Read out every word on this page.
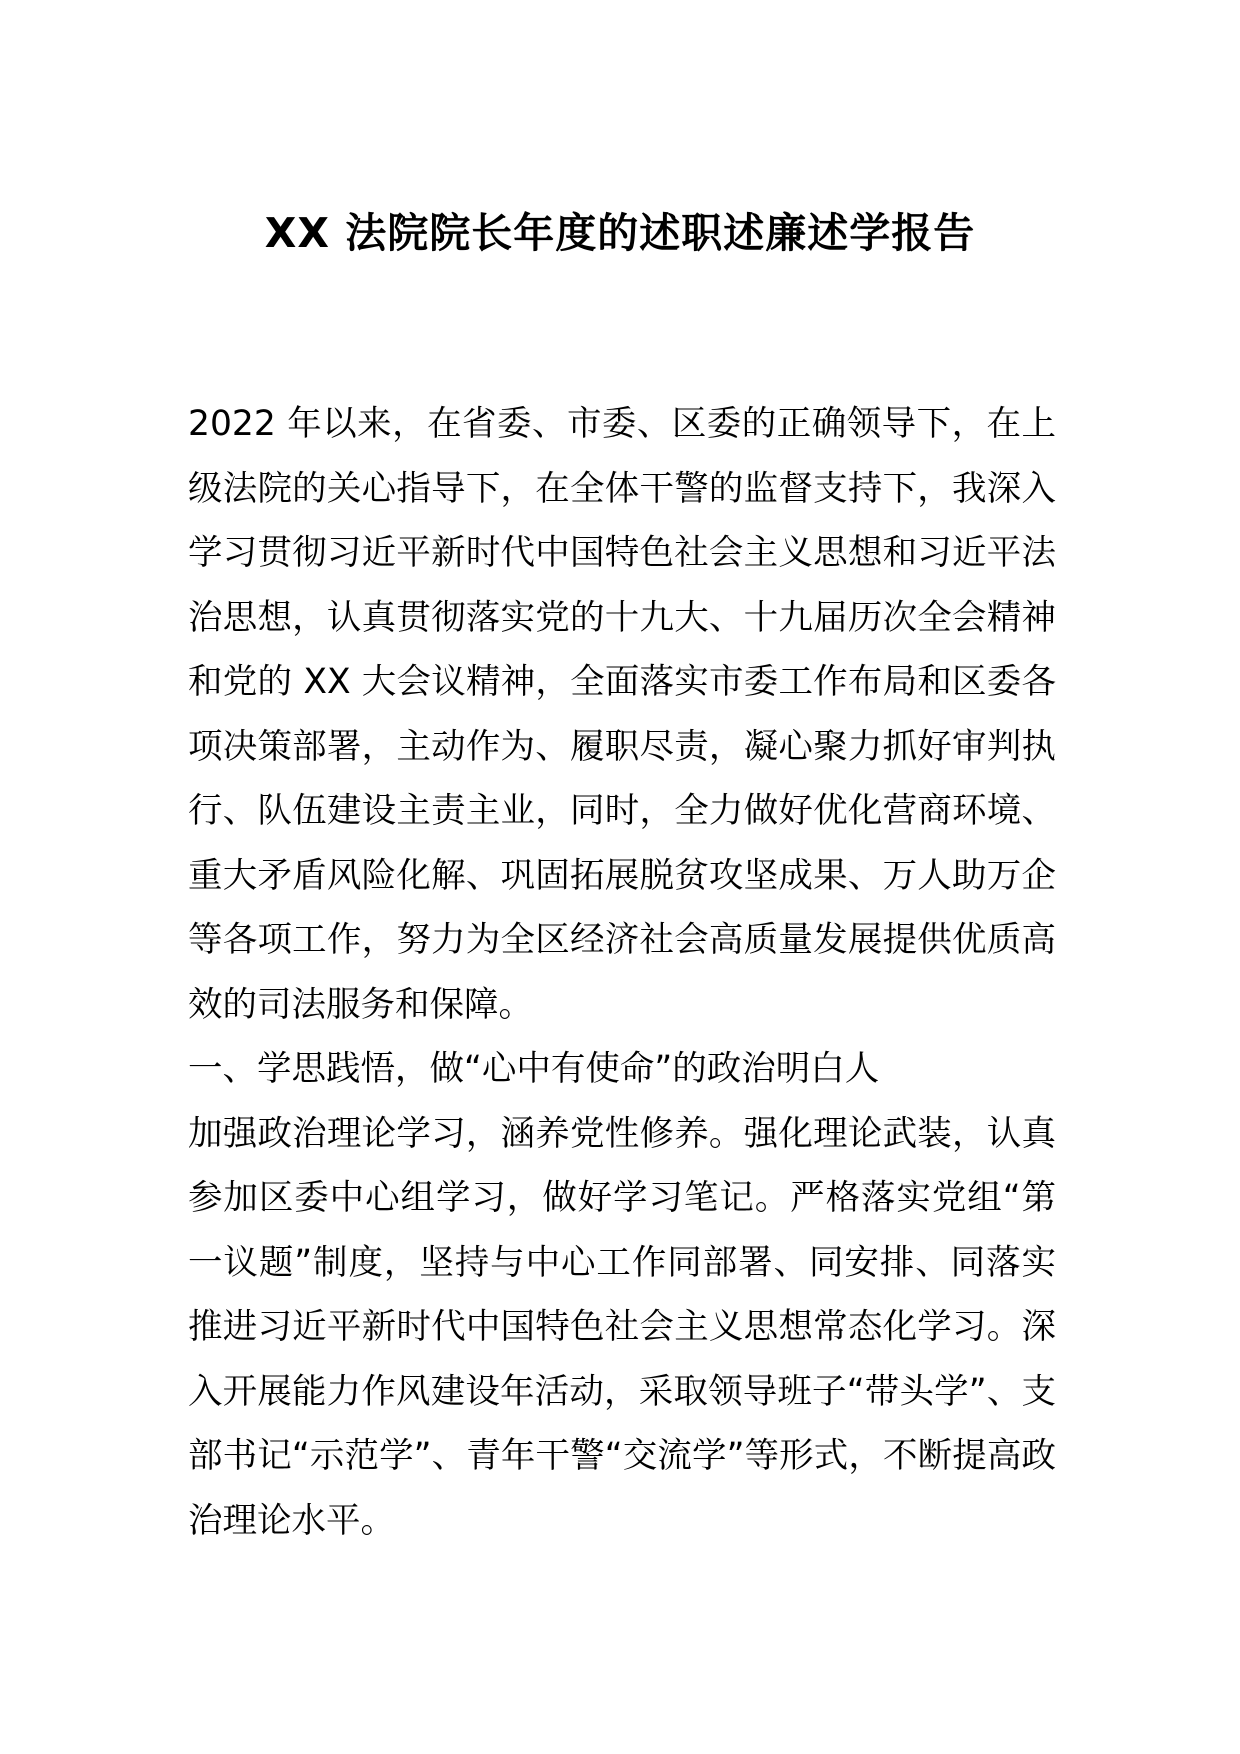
XX 法院院长年度的述职述廉述学报告

2022 年以来，在省委、市委、区委的正确领导下，在上级法院的关心指导下，在全体干警的监督支持下，我深入学习贯彻习近平新时代中国特色社会主义思想和习近平法治思想，认真贯彻落实党的十九大、十九届历次全会精神和党的 XX 大会议精神，全面落实市委工作布局和区委各项决策部署，主动作为、履职尽责，凝心聚力抓好审判执行、队伍建设主责主业，同时，全力做好优化营商环境、重大矛盾风险化解、巩固拓展脱贫攻坚成果、万人助万企等各项工作，努力为全区经济社会高质量发展提供优质高效的司法服务和保障。

一、学思践悟，做“心中有使命”的政治明白人

加强政治理论学习，涵养党性修养。强化理论武装，认真参加区委中心组学习，做好学习笔记。严格落实党组“第一议题”制度，坚持与中心工作同部署、同安排、同落实推进习近平新时代中国特色社会主义思想常态化学习。深入开展能力作风建设年活动，采取领导班子“带头学”、支部书记“示范学”、青年干警“交流学”等形式，不断提高政治理论水平。
